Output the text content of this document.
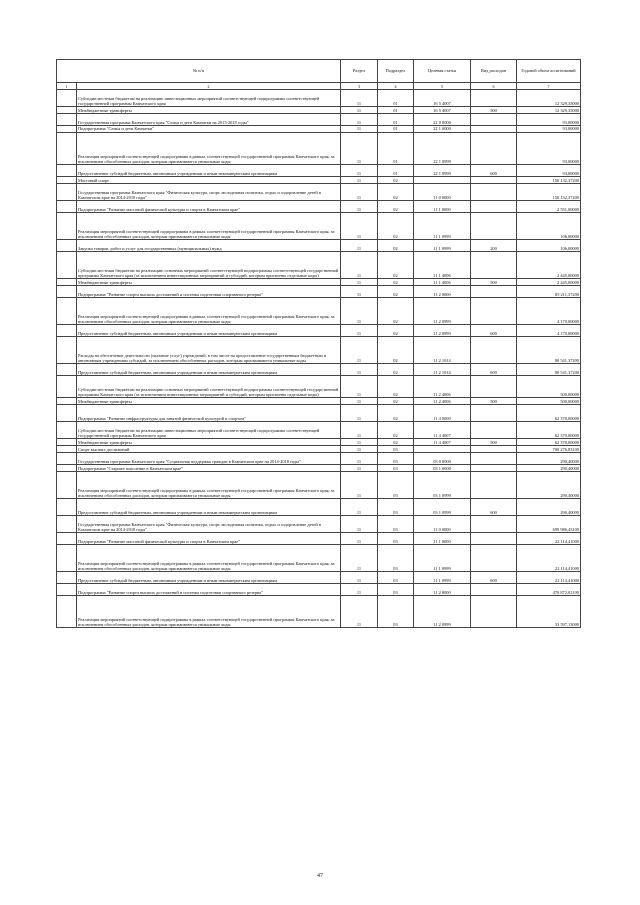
№ п/п		Раздел	Подраздел	Целевая статья	Вид расходов	Годовой объем ассигнований
1	2	3	4	5	6	7
	Субсидии местным бюджетам на реализацию инвестиционных мероприятий соответствующей подпрограммы соответствующей государственной программы Камчатского края	11	01	16 5 4007		12 329,35000
	Межбюджетные трансферты	11	01	16 5 4007	500	12 329,35000
	Государственная программа Камчатского края "Семья и дети Камчатки на 2015-2018 годы"	11	01	22 0 0000		93,00000
	Подпрограмма "Семья и дети Камчатки"	11	01	22 1 0000		93,00000
	Реализация мероприятий соответствующей подпрограммы в рамках соответствующей государственной программы Камчатского края, за исключением обособленных расходов, которым присваиваются уникальные коды	11	01	22 1 0999		93,00000
	Предоставление субсидий бюджетным, автономным учреждениям и иным некоммерческим организациям	11	01	22 1 0999	600	93,00000
	Массовый спорт	11	02			150 132,37200
	Государственная программа Камчатского края "Физическая культура, спорт, молодежная политика, отдых и оздоровление детей в Камчатском крае на 2014-2018 годы"	11	02	11 0 0000		150 132,37200
	Подпрограмма "Развитие массовой физической культуры и спорта в Камчатском крае"	11	02	11 1 0000		2 551,00000
	Реализация мероприятий соответствующей подпрограммы в рамках соответствующей государственной программы Камчатского края, за исключением обособленных расходов, которым присваиваются уникальные коды	11	02	11 1 0999		106,00000
	Закупка товаров, работ и услуг для государственных (муниципальных) нужд	11	02	11 1 0999	200	106,00000
	Субсидии местным бюджетам на реализацию основных мероприятий соответствующей подпрограммы соответствующей государственной программы Камчатского края (за исключением инвестиционных мероприятий и субсидий, которым присвоены отдельные коды)	11	02	11 1 4006		2 445,00000
	Межбюджетные трансферты	11	02	11 1 4006	500	2 445,00000
	Подпрограмма "Развитие спорта высших достижений и системы подготовки спортивного резерва"	11	02	11 2 0000		85 211,37200
	Реализация мероприятий соответствующей подпрограммы в рамках соответствующей государственной программы Камчатского края, за исключением обособленных расходов, которым присваиваются уникальные коды	11	02	11 2 0999		4 170,00000
	Предоставление субсидий бюджетным, автономным учреждениям и иным некоммерческим организациям	11	02	11 2 0999	600	4 170,00000
	Расходы на обеспечение деятельности (оказание услуг) учреждений, в том числе на предоставление государственным бюджетным и автономным учреждениям субсидий, за исключением обособленных расходов, которым присваиваются уникальные коды	11	02	11 2 1014		80 541,37200
	Предоставление субсидий бюджетным, автономным учреждениям и иным некоммерческим организациям	11	02	11 2 1014	600	80 541,37200
	Субсидии местным бюджетам на реализацию основных мероприятий соответствующей подпрограммы соответствующей государственной программы Камчатского края (за исключением инвестиционных мероприятий и субсидий, которым присвоены отдельные коды)	11	02	11 2 4006		500,00000
	Межбюджетные трансферты	11	02	11 2 4006	500	500,00000
	Подпрограмма "Развитие инфраструктуры для занятий физической культурой и спортом"	11	02	11 4 0000		62 370,00000
	Субсидии местным бюджетам на реализацию инвестиционных мероприятий соответствующей подпрограммы соответствующей государственной программы Камчатского края	11	02	11 4 4007		62 370,00000
	Межбюджетные трансферты	11	02	11 4 4007	500	62 370,00000
	Спорт высших достижений	11	03			700 276,83100
	Государственная программа Камчатского края "Социальная поддержка граждан в Камчатском крае на 2014-2018 годы"	11	03	03 0 0000		290,40000
	Подпрограмма "Старшее поколение в Камчатском крае"	11	03	03 1 0000		290,40000
	Реализация мероприятий соответствующей подпрограммы в рамках соответствующей государственной программы Камчатского края, за исключением обособленных расходов, которым присваиваются уникальные коды	11	03	03 1 0999		290,40000
	Предоставление субсидий бюджетным, автономным учреждениям и иным некоммерческим организациям	11	03	03 1 0999	600	290,40000
	Государственная программа Камчатского края "Физическая культура, спорт, молодежная политика, отдых и оздоровление детей в Камчатском крае на 2014-2018 годы"	11	03	11 0 0000		699 986,43100
	Подпрограмма "Развитие массовой физической культуры и спорта в Камчатском крае"	11	03	11 1 0000		22 114,41000
	Реализация мероприятий соответствующей подпрограммы в рамках соответствующей государственной программы Камчатского края, за исключением обособленных расходов, которым присваиваются уникальные коды	11	03	11 1 0999		22 114,41000
	Предоставление субсидий бюджетным, автономным учреждениям и иным некоммерческим организациям	11	03	11 1 0999	600	22 114,41000
	Подпрограмма "Развитие спорта высших достижений и системы подготовки спортивного резерва"	11	03	11 2 0000		470 872,02100
	Реализация мероприятий соответствующей подпрограммы в рамках соответствующей государственной программы Камчатского края, за исключением обособленных расходов, которым присваиваются уникальные коды	11	03	11 2 0999		33 597,13000
47
